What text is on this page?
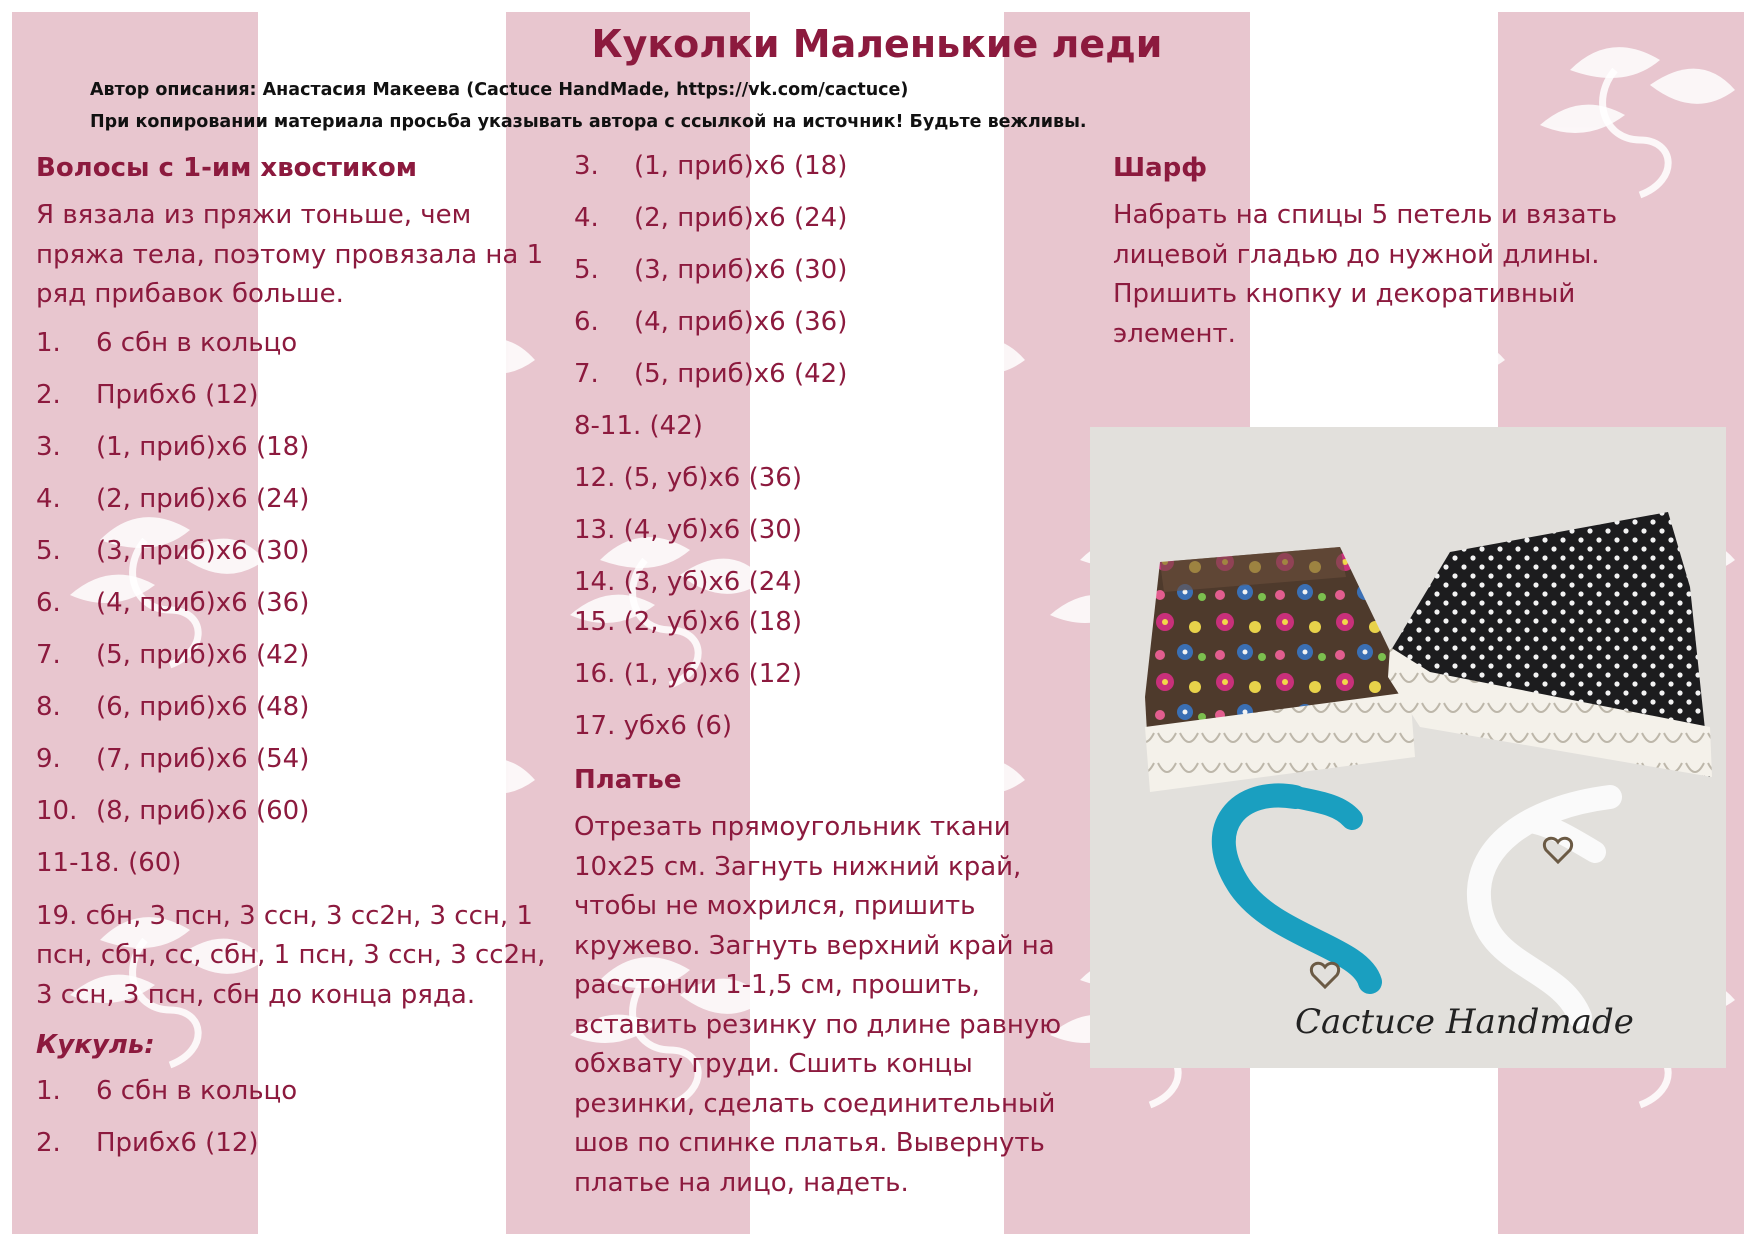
Куколки Маленькие леди
Автор описания: Анастасия Макеева (Cactuce HandMade, https://vk.com/cactuce)
При копировании материала просьба указывать автора с ссылкой на источник! Будьте вежливы.
Волосы с 1-им хвостиком
Я вязала из пряжи тоньше, чем пряжа тела, поэтому провязала на 1 ряд прибавок больше.
1.	6 сбн в кольцо
2.	Прибх6 (12)
3.	(1, приб)х6 (18)
4.	(2, приб)х6 (24)
5.	(3, приб)х6 (30)
6.	(4, приб)х6 (36)
7.	(5, приб)х6 (42)
8.	(6, приб)х6 (48)
9.	(7, приб)х6 (54)
10. (8, приб)х6 (60)
11-18. (60)
19. сбн, 3 псн, 3 ссн, 3 сс2н, 3 ссн, 1 псн, сбн, сс, сбн, 1 псн, 3 ссн, 3 сс2н, 3 ссн, 3 псн, сбн до конца ряда.
Кукуль:
1.	6 сбн в кольцо
2.	Прибх6 (12)
3.	(1, приб)х6 (18)
4.	(2, приб)х6 (24)
5.	(3, приб)х6 (30)
6.	(4, приб)х6 (36)
7.	(5, приб)х6 (42)
8-11. (42)
12. (5, уб)х6 (36)
13. (4, уб)х6 (30)
14. (3, уб)х6 (24)
15. (2, уб)х6 (18)
16. (1, уб)х6 (12)
17. убх6 (6)
Платье
Отрезать прямоугольник ткани 10х25 см. Загнуть нижний край, чтобы не мохрился, пришить кружево. Загнуть верхний край на расстонии 1-1,5 см, прошить, вставить резинку по длине равную обхвату груди. Сшить концы резинки, сделать соединительный шов по спинке платья. Вывернуть платье на лицо, надеть.
Шарф
Набрать на спицы 5 петель и вязать лицевой гладью до нужной длины. Пришить кнопку и декоративный элемент.
Cactuce Handmade
